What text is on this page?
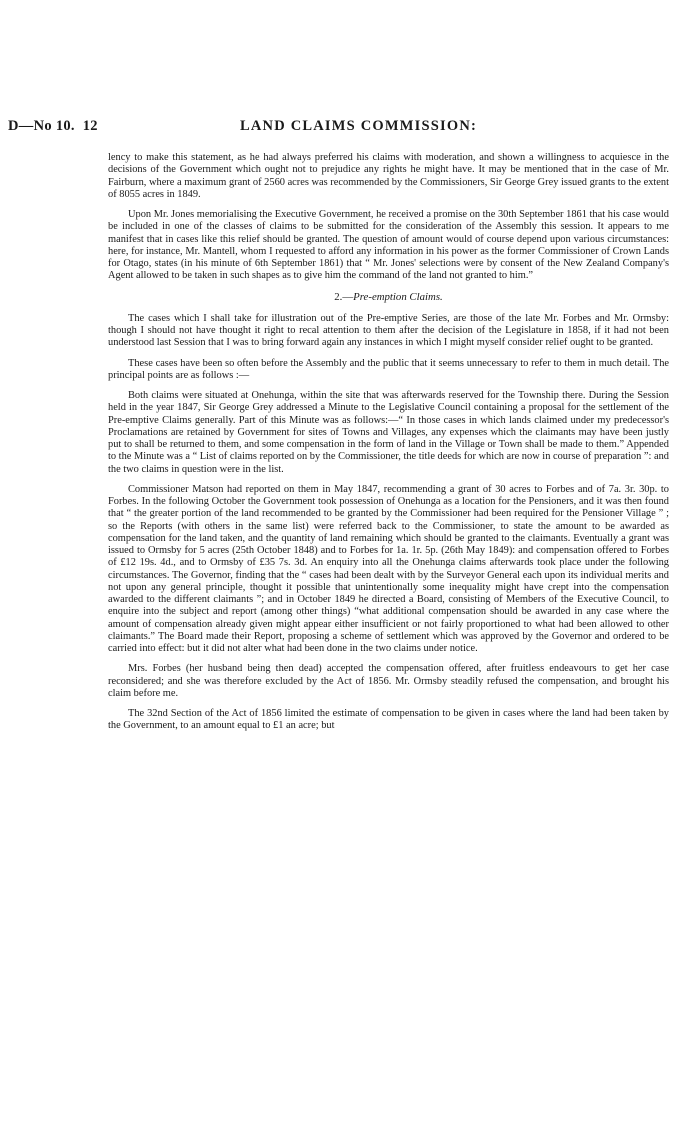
D—No 10. 12	LAND CLAIMS COMMISSION:

lency to make this statement, as he had always preferred his claims with moderation, and shown a willingness to acquiesce in the decisions of the Government which ought not to prejudice any rights he might have. It may be mentioned that in the case of Mr. Fairburn, where a maximum grant of 2560 acres was recommended by the Commissioners, Sir George Grey issued grants to the extent of 8055 acres in 1849.

Upon Mr. Jones memorialising the Executive Government, he received a promise on the 30th September 1861 that his case would be included in one of the classes of claims to be submitted for the consideration of the Assembly this session. It appears to me manifest that in cases like this relief should be granted. The question of amount would of course depend upon various circumstances: here, for instance, Mr. Mantell, whom I requested to afford any information in his power as the former Commissioner of Crown Lands for Otago, states (in his minute of 6th September 1861) that “ Mr. Jones' selections were by consent of the New Zealand Company's Agent allowed to be taken in such shapes as to give him the command of the land not granted to him.”

2.—Pre-emption Claims.

The cases which I shall take for illustration out of the Pre-emptive Series, are those of the late Mr. Forbes and Mr. Ormsby: though I should not have thought it right to recal attention to them after the decision of the Legislature in 1858, if it had not been understood last Session that I was to bring forward again any instances in which I might myself consider relief ought to be granted.

These cases have been so often before the Assembly and the public that it seems unnecessary to refer to them in much detail. The principal points are as follows :—

Both claims were situated at Onehunga, within the site that was afterwards reserved for the Township there. During the Session held in the year 1847, Sir George Grey addressed a Minute to the Legislative Council containing a proposal for the settlement of the Pre-emptive Claims generally. Part of this Minute was as follows:—“ In those cases in which lands claimed under my predecessor's Proclamations are retained by Government for sites of Towns and Villages, any expenses which the claimants may have been justly put to shall be returned to them, and some compensation in the form of land in the Village or Town shall be made to them.” Appended to the Minute was a “ List of claims reported on by the Commissioner, the title deeds for which are now in course of preparation ”: and the two claims in question were in the list.

Commissioner Matson had reported on them in May 1847, recommending a grant of 30 acres to Forbes and of 7a. 3r. 30p. to Forbes. In the following October the Government took possession of Onehunga as a location for the Pensioners, and it was then found that “ the greater portion of the land recommended to be granted by the Commissioner had been required for the Pensioner Village ” ; so the Reports (with others in the same list) were referred back to the Commissioner, to state the amount to be awarded as compensation for the land taken, and the quantity of land remaining which should be granted to the claimants. Eventually a grant was issued to Ormsby for 5 acres (25th October 1848) and to Forbes for 1a. 1r. 5p. (26th May 1849): and compensation offered to Forbes of £12 19s. 4d., and to Ormsby of £35 7s. 3d. An enquiry into all the Onehunga claims afterwards took place under the following circumstances. The Governor, finding that the “ cases had been dealt with by the Surveyor General each upon its individual merits and not upon any general principle, thought it possible that unintentionally some inequality might have crept into the compensation awarded to the different claimants ”; and in October 1849 he directed a Board, consisting of Members of the Executive Council, to enquire into the subject and report (among other things) “what additional compensation should be awarded in any case where the amount of compensation already given might appear either insufficient or not fairly proportioned to what had been allowed to other claimants.” The Board made their Report, proposing a scheme of settlement which was approved by the Governor and ordered to be carried into effect: but it did not alter what had been done in the two claims under notice.

Mrs. Forbes (her husband being then dead) accepted the compensation offered, after fruitless endeavours to get her case reconsidered; and she was therefore excluded by the Act of 1856. Mr. Ormsby steadily refused the compensation, and brought his claim before me.

The 32nd Section of the Act of 1856 limited the estimate of compensation to be given in cases where the land had been taken by the Government, to an amount equal to £1 an acre; but
